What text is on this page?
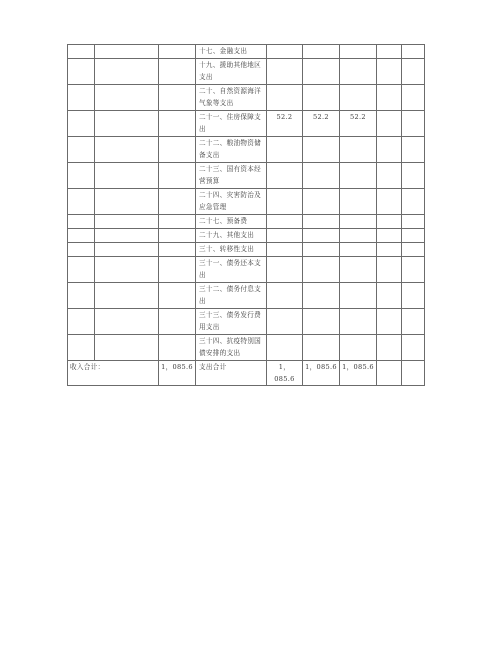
			十七、金融支出					
			十九、援助其他地区支出					
			二十、自然资源海洋气象等支出					
			二十一、住房保障支出	52.2	52.2	52.2		
			二十二、粮油物资储备支出					
			二十三、国有资本经营预算					
			二十四、灾害防治及应急管理					
			二十七、预备费					
			二十九、其他支出					
			三十、转移性支出					
			三十一、债务还本支出					
			三十二、债务付息支出					
			三十三、债务发行费用支出					
			三十四、抗疫特别国债安排的支出					
收入合计：		1，085.6	支出合计	1，085.6	1，085.6	1，085.6		
